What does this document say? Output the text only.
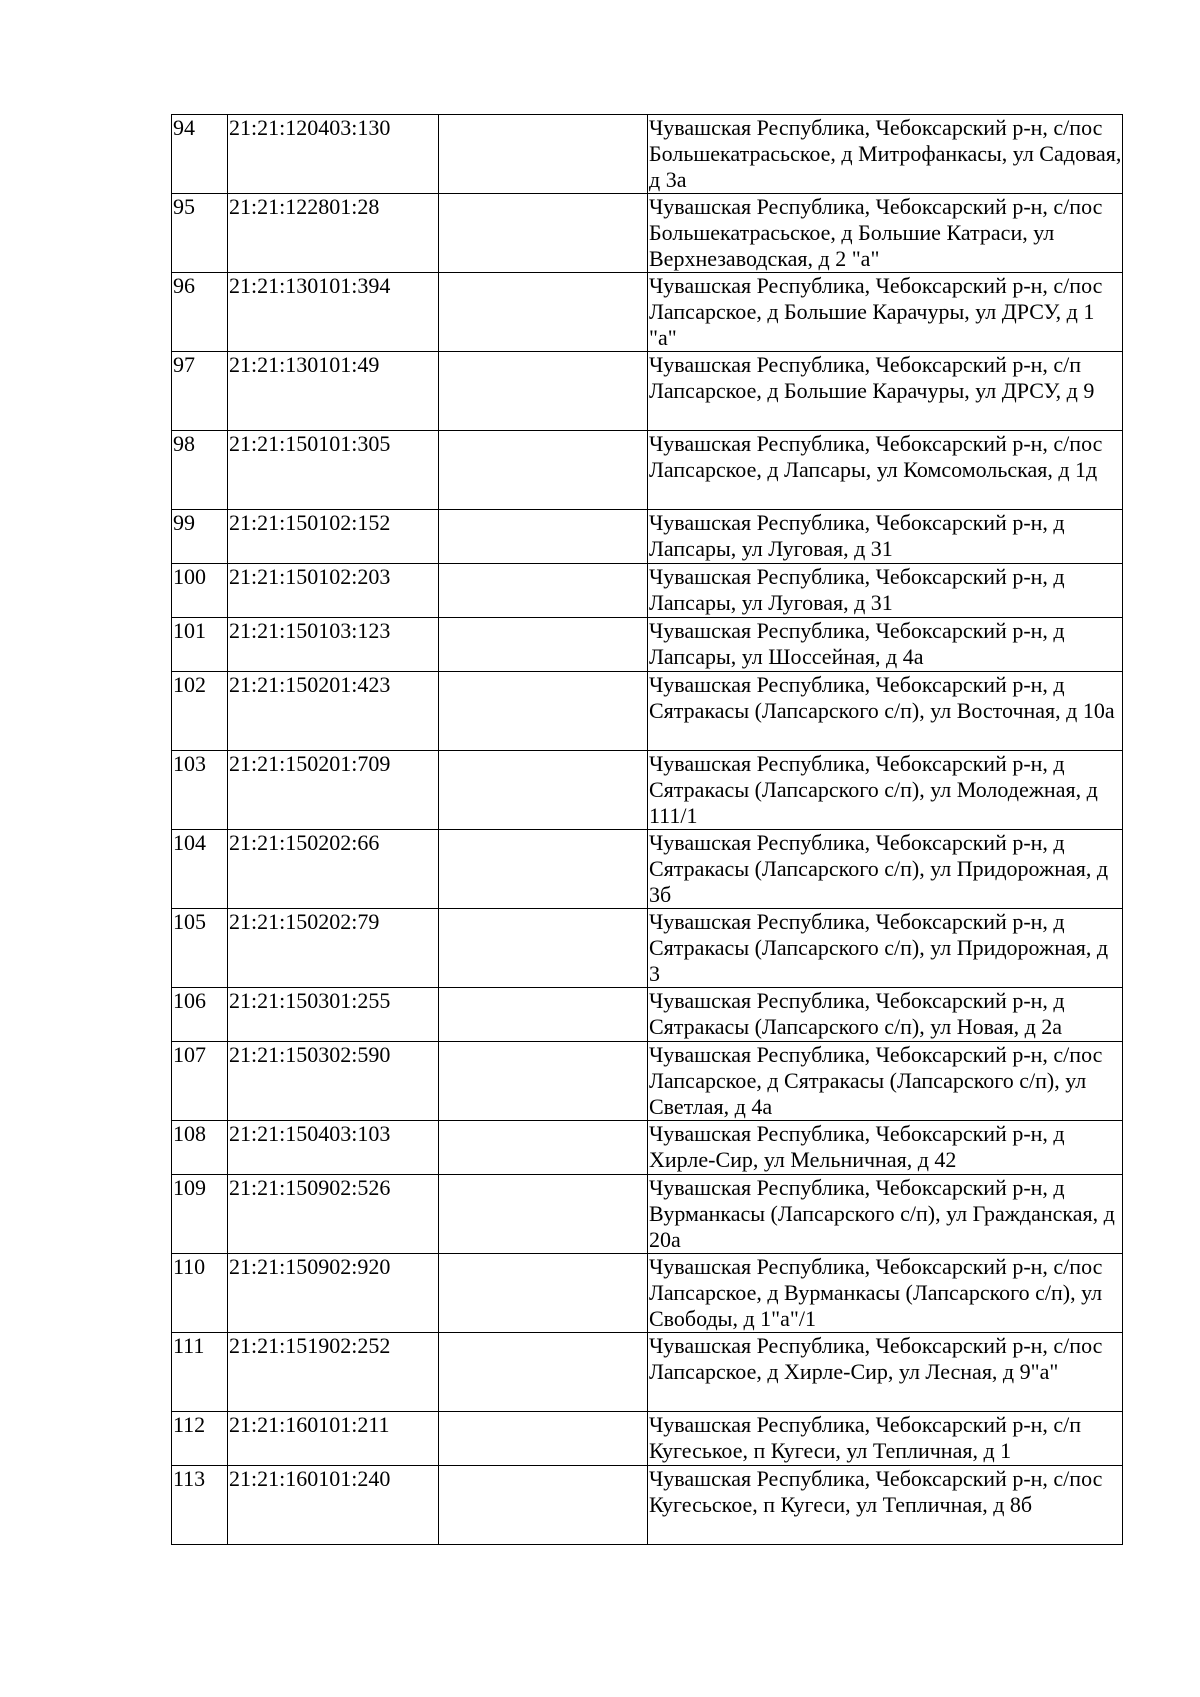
94	21:21:120403:130		Чувашская Республика, Чебоксарский р-н, с/пос Большекатрасьское, д Митрофанкасы, ул Садовая, д 3а
95	21:21:122801:28		Чувашская Республика, Чебоксарский р-н, с/пос Большекатрасьское, д Большие Катраси, ул Верхнезаводская, д 2 "а"
96	21:21:130101:394		Чувашская Республика, Чебоксарский р-н, с/пос Лапсарское, д Большие Карачуры, ул ДРСУ, д 1 "а"
97	21:21:130101:49		Чувашская Республика, Чебоксарский р-н, с/п Лапсарское, д Большие Карачуры, ул ДРСУ, д 9
98	21:21:150101:305		Чувашская Республика, Чебоксарский р-н, с/пос Лапсарское, д Лапсары, ул Комсомольская, д 1д
99	21:21:150102:152		Чувашская Республика, Чебоксарский р-н, д Лапсары, ул Луговая, д 31
100	21:21:150102:203		Чувашская Республика, Чебоксарский р-н, д Лапсары, ул Луговая, д 31
101	21:21:150103:123		Чувашская Республика, Чебоксарский р-н, д Лапсары, ул Шоссейная, д 4а
102	21:21:150201:423		Чувашская Республика, Чебоксарский р-н, д Сятракасы (Лапсарского с/п), ул Восточная, д 10а
103	21:21:150201:709		Чувашская Республика, Чебоксарский р-н, д Сятракасы (Лапсарского с/п), ул Молодежная, д 111/1
104	21:21:150202:66		Чувашская Республика, Чебоксарский р-н, д Сятракасы (Лапсарского с/п), ул Придорожная, д 3б
105	21:21:150202:79		Чувашская Республика, Чебоксарский р-н, д Сятракасы (Лапсарского с/п), ул Придорожная, д 3
106	21:21:150301:255		Чувашская Республика, Чебоксарский р-н, д Сятракасы (Лапсарского с/п), ул Новая, д 2а
107	21:21:150302:590		Чувашская Республика, Чебоксарский р-н, с/пос Лапсарское, д Сятракасы (Лапсарского с/п), ул Светлая, д 4а
108	21:21:150403:103		Чувашская Республика, Чебоксарский р-н, д Хирле-Сир, ул Мельничная, д 42
109	21:21:150902:526		Чувашская Республика, Чебоксарский р-н, д Вурманкасы (Лапсарского с/п), ул Гражданская, д 20а
110	21:21:150902:920		Чувашская Республика, Чебоксарский р-н, с/пос Лапсарское, д Вурманкасы (Лапсарского с/п), ул Свободы, д 1"а"/1
111	21:21:151902:252		Чувашская Республика, Чебоксарский р-н, с/пос Лапсарское, д Хирле-Сир, ул Лесная, д 9"а"
112	21:21:160101:211		Чувашская Республика, Чебоксарский р-н, с/п Кугеськое, п Кугеси, ул Тепличная, д 1
113	21:21:160101:240		Чувашская Республика, Чебоксарский р-н, с/пос Кугесьское, п Кугеси, ул Тепличная, д 8б
